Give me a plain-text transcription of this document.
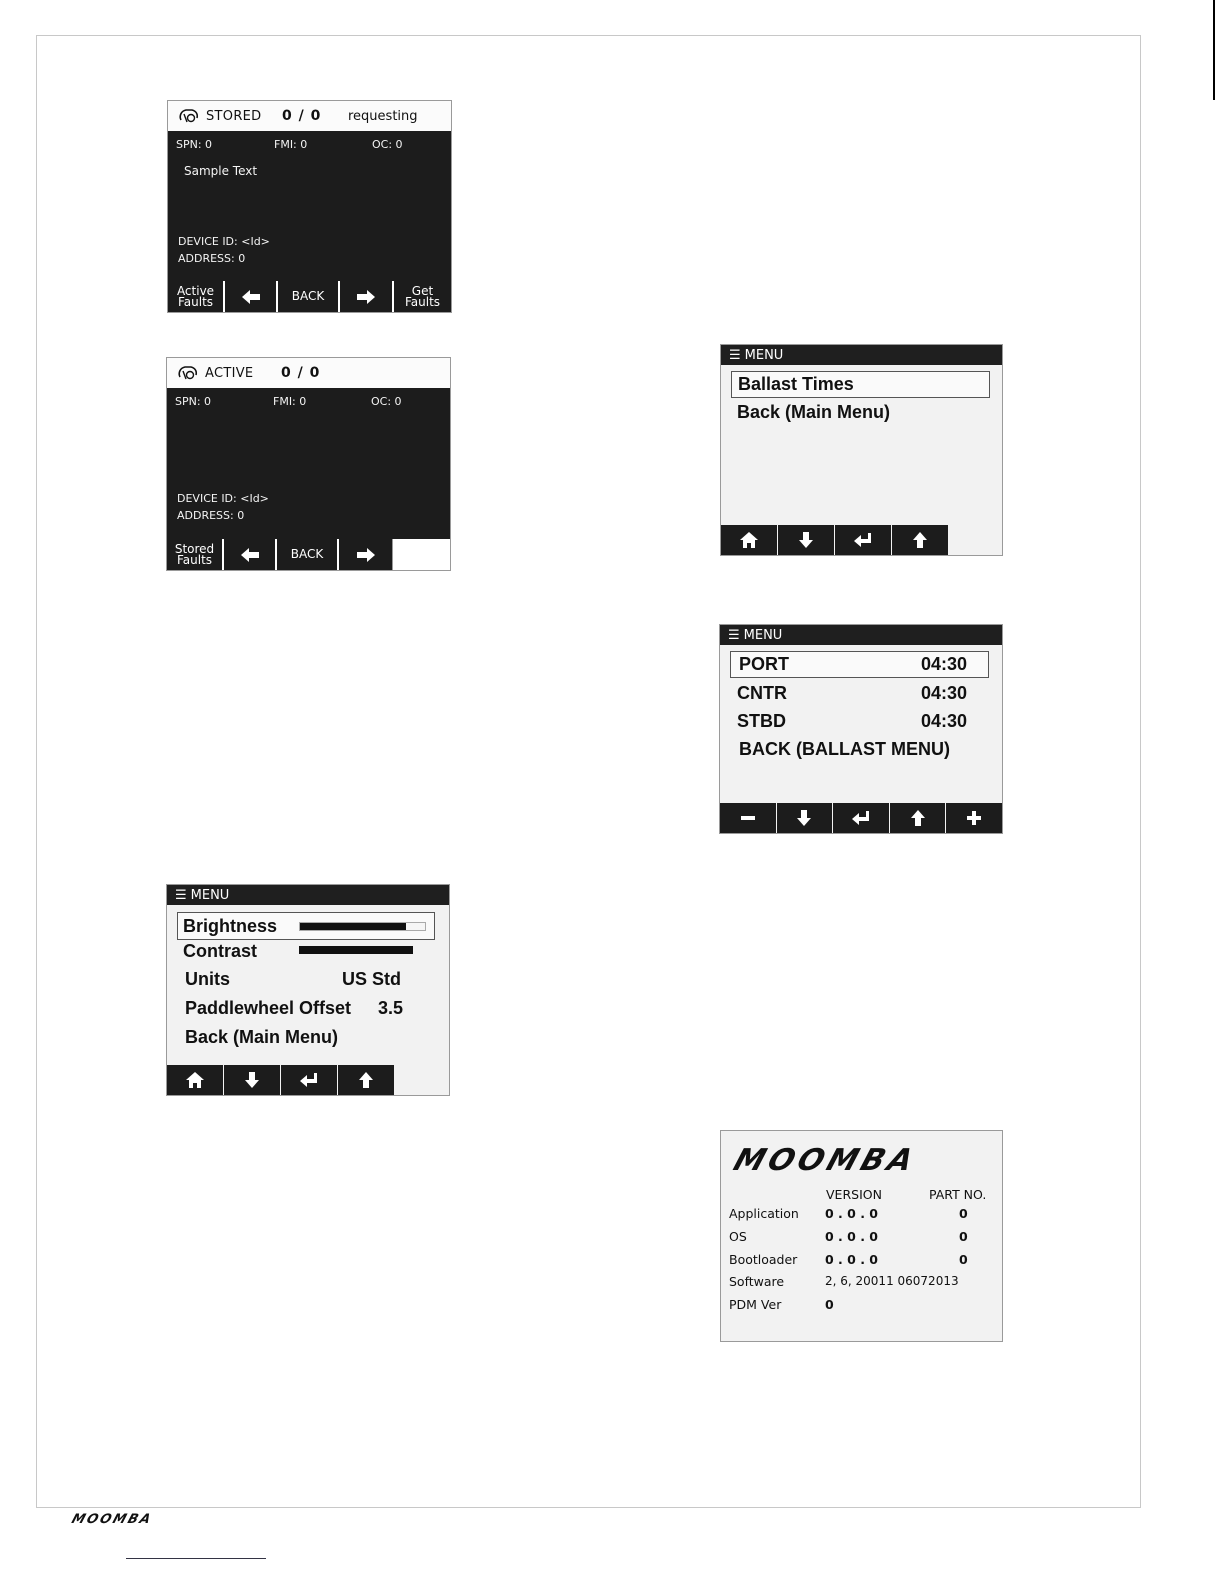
STORED	0 / 0	requesting
SPN: 0	FMI: 0	OC: 0
Sample Text
DEVICE ID: <Id>
ADDRESS: 0
Active
Faults	BACK	Get
Faults
ACTIVE	0 / 0
SPN: 0	FMI: 0	OC: 0
DEVICE ID: <Id>
ADDRESS: 0
Stored
Faults	BACK
☰ MENU
Brightness
Contrast
Units	US Std
Paddlewheel Offset 3.5
Back (Main Menu)
☰ MENU
Ballast Times
Back (Main Menu)
☰ MENU
PORT	04:30
CNTR	04:30
STBD	04:30
BACK (BALLAST MENU)
MOOMBA
VERSION	PART NO.
Application 0 . 0 . 0	0
OS	0 . 0 . 0	0
Bootloader 0 . 0 . 0	0
Software	2, 6, 20011 06072013
PDM Ver	0
MOOMBA
